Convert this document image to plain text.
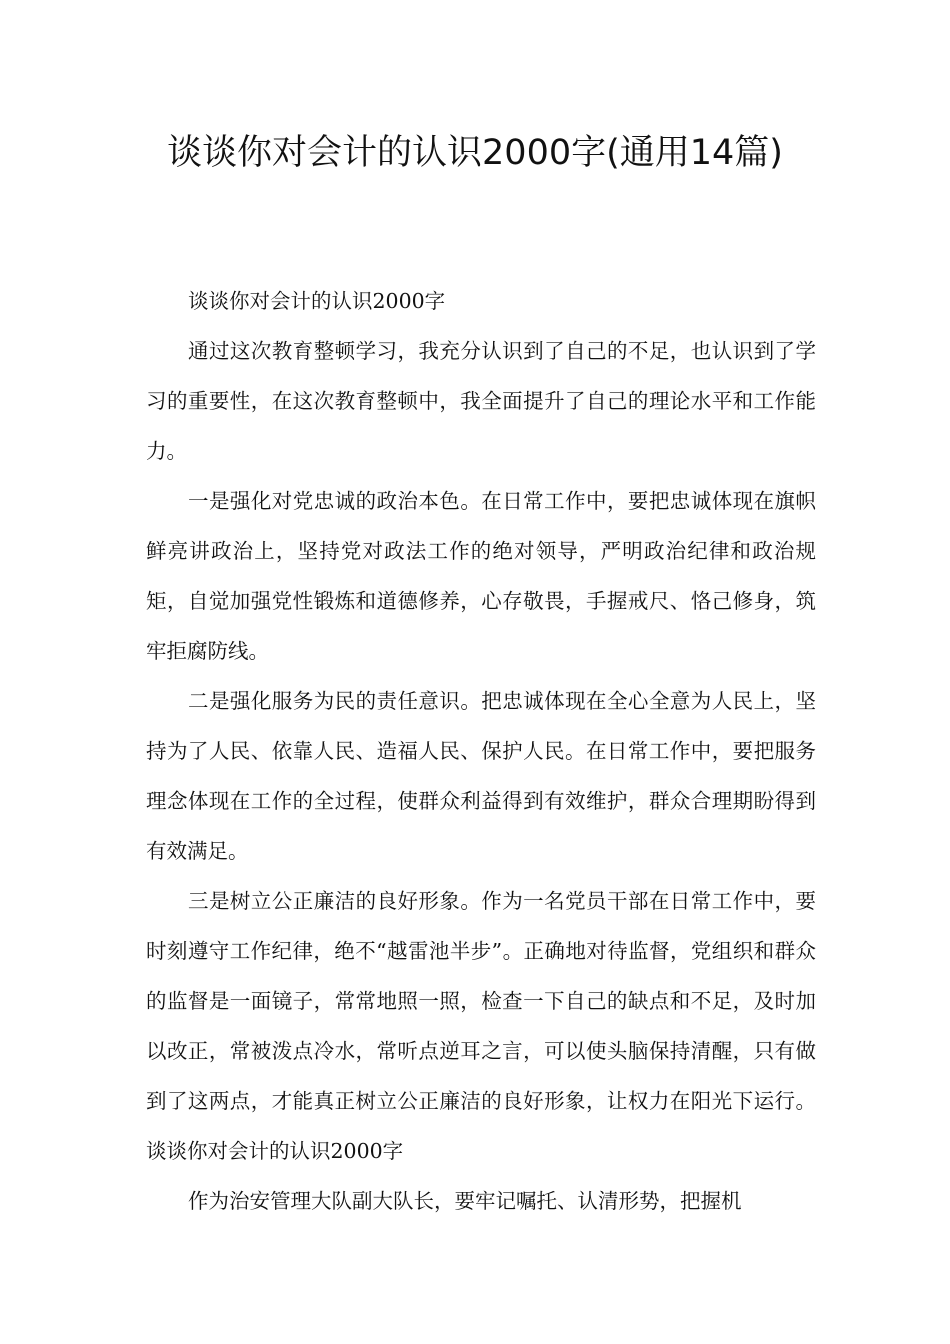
谈谈你对会计的认识2000字(通用14篇)

谈谈你对会计的认识2000字

通过这次教育整顿学习，我充分认识到了自己的不足，也认识到了学习的重要性，在这次教育整顿中，我全面提升了自己的理论水平和工作能力。

一是强化对党忠诚的政治本色。在日常工作中，要把忠诚体现在旗帜鲜亮讲政治上，坚持党对政法工作的绝对领导，严明政治纪律和政治规矩，自觉加强党性锻炼和道德修养，心存敬畏，手握戒尺、恪己修身，筑牢拒腐防线。

二是强化服务为民的责任意识。把忠诚体现在全心全意为人民上，坚持为了人民、依靠人民、造福人民、保护人民。在日常工作中，要把服务理念体现在工作的全过程，使群众利益得到有效维护，群众合理期盼得到有效满足。

三是树立公正廉洁的良好形象。作为一名党员干部在日常工作中，要时刻遵守工作纪律，绝不“越雷池半步”。正确地对待监督，党组织和群众的监督是一面镜子，常常地照一照，检查一下自己的缺点和不足，及时加以改正，常被泼点冷水，常听点逆耳之言，可以使头脑保持清醒，只有做到了这两点，才能真正树立公正廉洁的良好形象，让权力在阳光下运行。谈谈你对会计的认识2000字

作为治安管理大队副大队长，要牢记嘱托、认清形势，把握机
